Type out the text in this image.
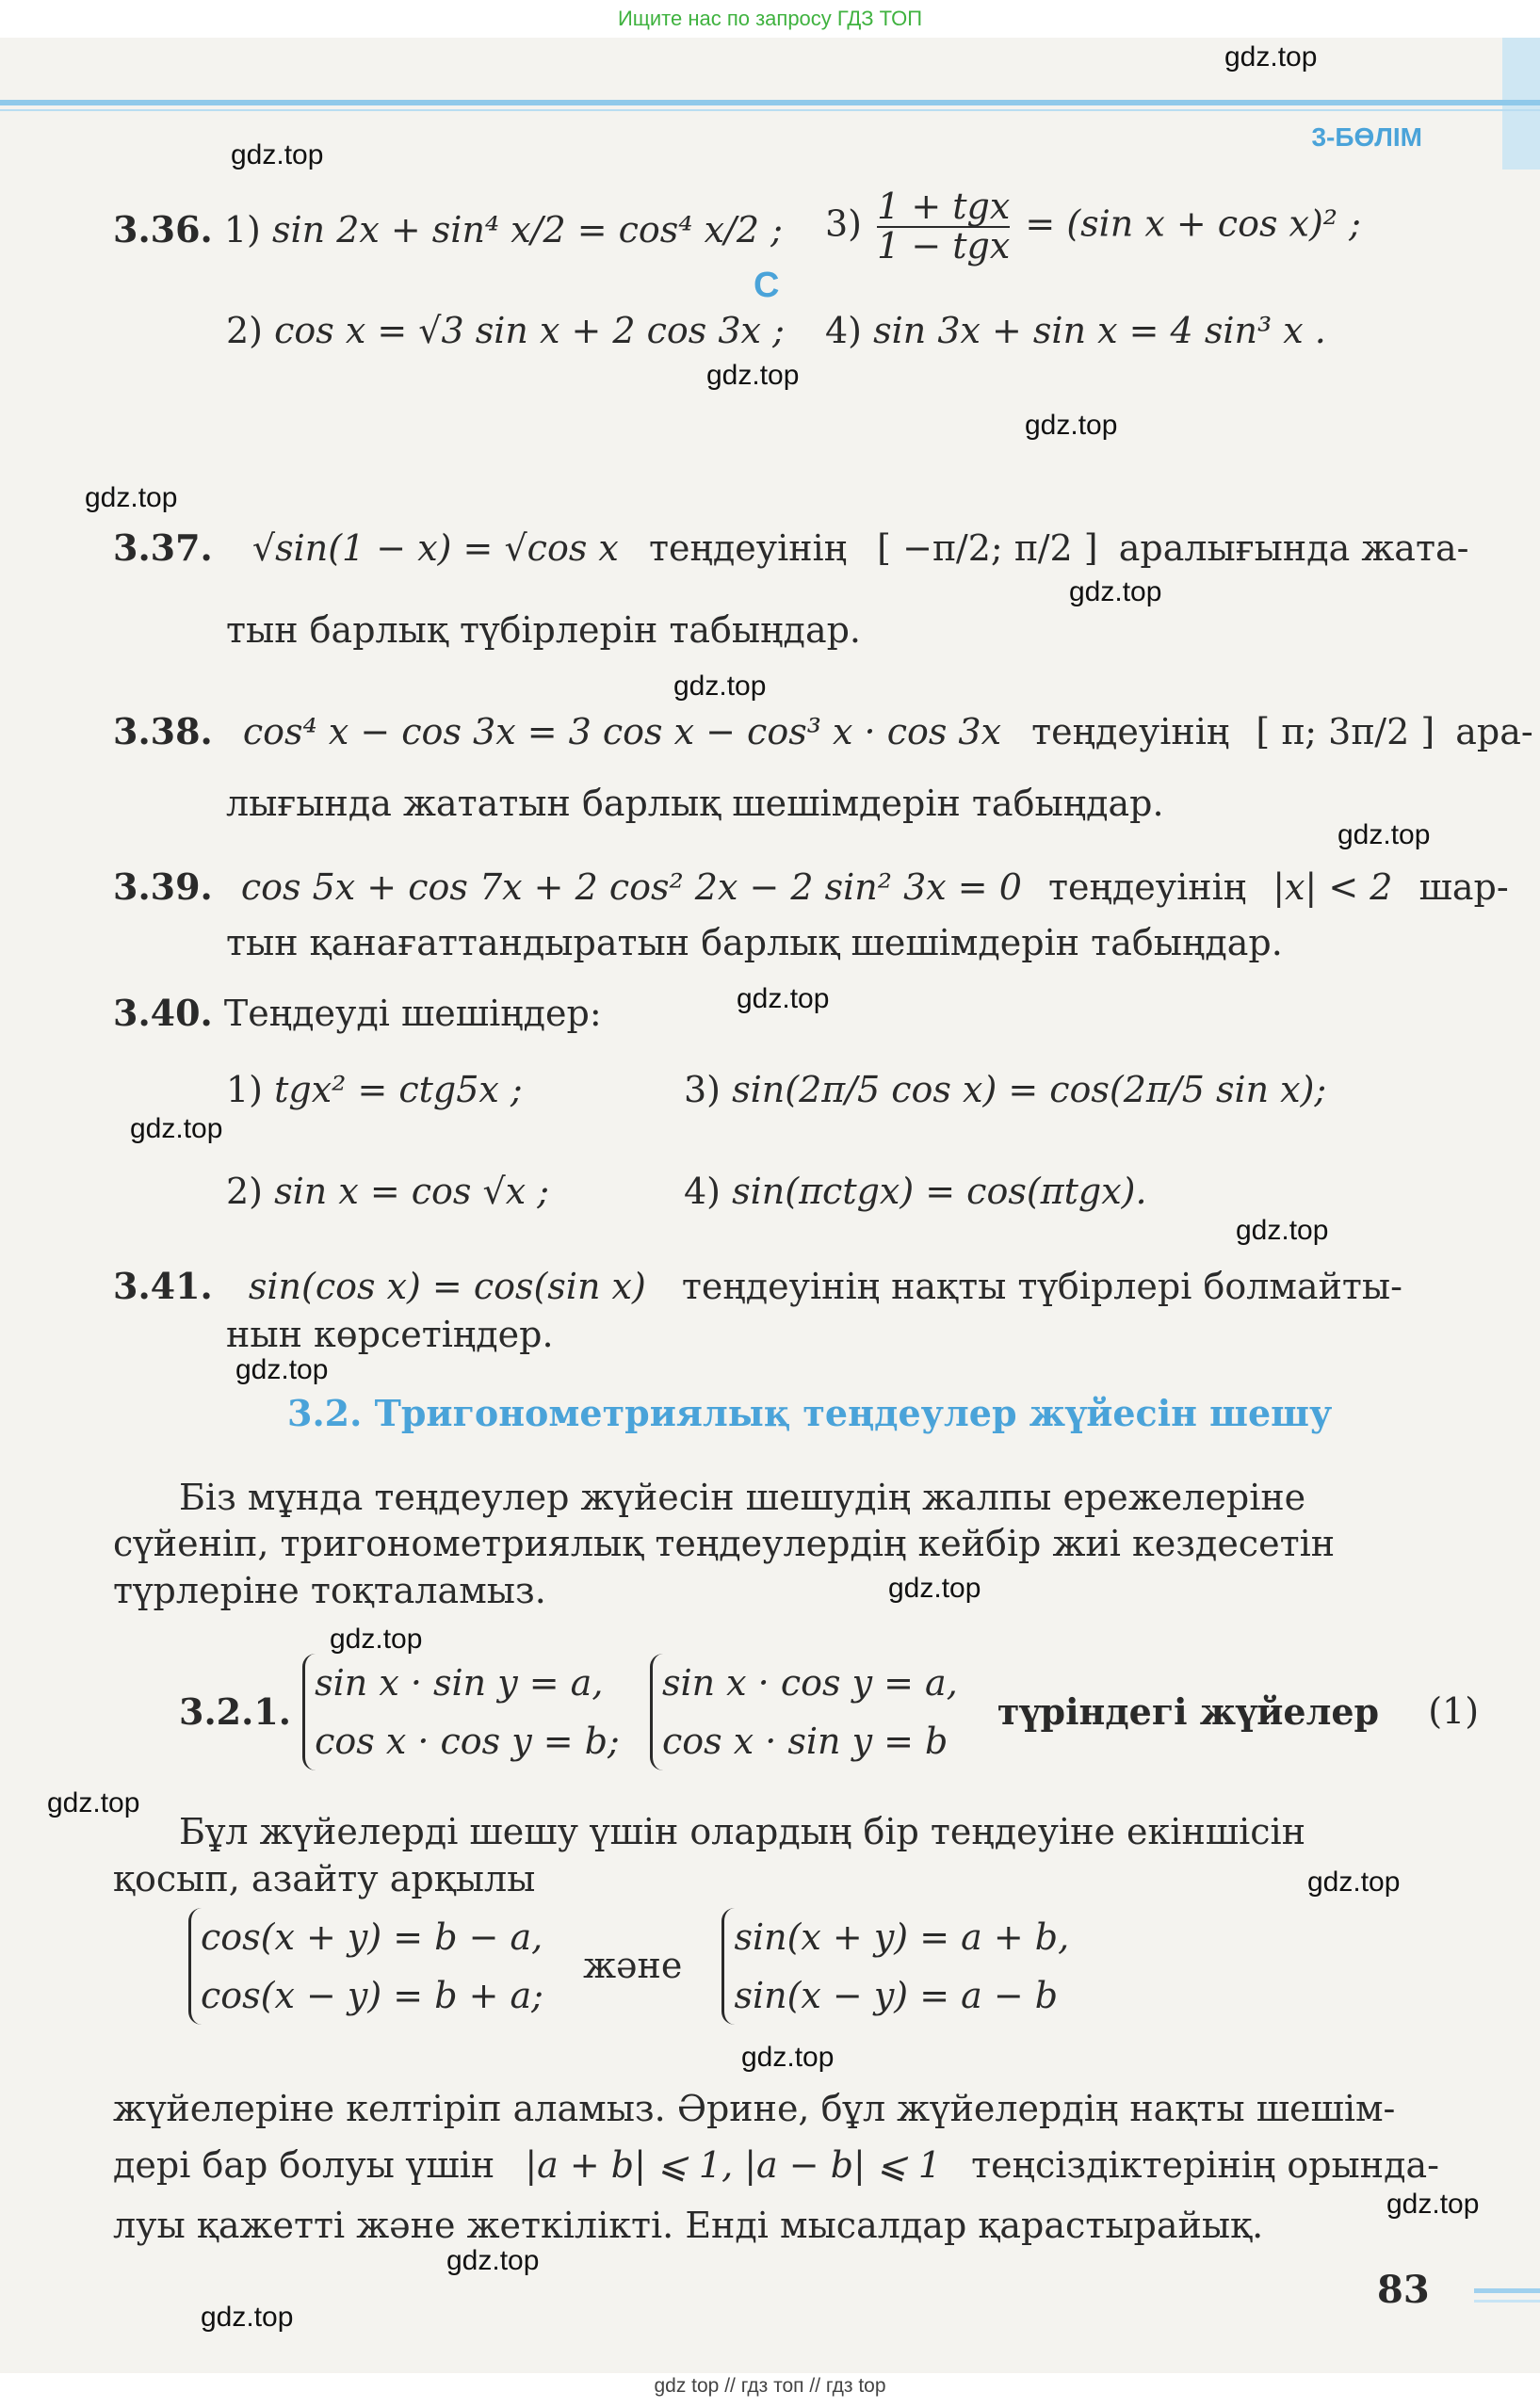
Ищите нас по запросу ГДЗ ТОП
3-БӨЛІМ
gdz.top
gdz.top
gdz.top
gdz.top
gdz.top
gdz.top
gdz.top
gdz.top
gdz.top
gdz.top
gdz.top
gdz.top
gdz.top
gdz.top
gdz.top
gdz.top
gdz.top
gdz.top
gdz.top
gdz.top
3.36. 1) sin 2x + sin⁴ x/2 = cos⁴ x/2 ; $3) \frac{\text{1 + tgx}}{\text{1 − tgx}} = (\sin$ x + cos x)² ;
2) cos x = √3 sin x + 2 cos 3x ; 4) sin 3x + sin x = 4 sin³ x .
C
3.37. √sin(1 − x) = √cos x теңдеуінің [ −π/2; π/2 ] аралығында жата-
тын барлық түбірлерін табыңдар.
3.38. cos⁴ x − cos 3x = 3 cos x − cos³ x · cos 3x теңдеуінің [ π; 3π/2 ] ара-
лығында жататын барлық шешімдерін табыңдар.
3.39. cos 5x + cos 7x + 2 cos² 2x − 2 sin² 3x = 0 теңдеуінің |x| < 2 шар-
тын қанағаттандыратын барлық шешімдерін табыңдар.
3.40. Теңдеуді шешіңдер:
1) tgx² = ctg5x ;	3) sin(2π/5 cos x) = cos(2π/5 sin x);
2) sin x = cos √x ;	4) sin(πctgx) = cos(πtgx).
3.41. sin(cos x) = cos(sin x) теңдеуінің нақты түбірлері болмайты-
нын көрсетіңдер.
3.2. Тригонометриялық теңдеулер жүйесін шешу
Біз мұнда теңдеулер жүйесін шешудің жалпы ережелеріне
сүйеніп, тригонометриялық теңдеулердің кейбір жиі кездесетін
түрлеріне тоқталамыз.
3.2.1.
sin x · sin y = a,
cos x · cos y = b;

sin x · cos y = a,
cos x · sin y = b
түріндегі жүйелер (1)
Бұл жүйелерді шешу үшін олардың бір теңдеуіне екіншісін
қосып, азайту арқылы
cos(x + y) = b − a,
cos(x − y) = b + a;
және
sin(x + y) = a + b,
sin(x − y) = a − b
жүйелеріне келтіріп аламыз. Әрине, бұл жүйелердің нақты шешім-
дері бар болуы үшін |a + b| ⩽ 1, |a − b| ⩽ 1 теңсіздіктерінің орында-
луы қажетті және жеткілікті. Енді мысалдар қарастырайық.
83
gdz top // гдз топ // гдз top
